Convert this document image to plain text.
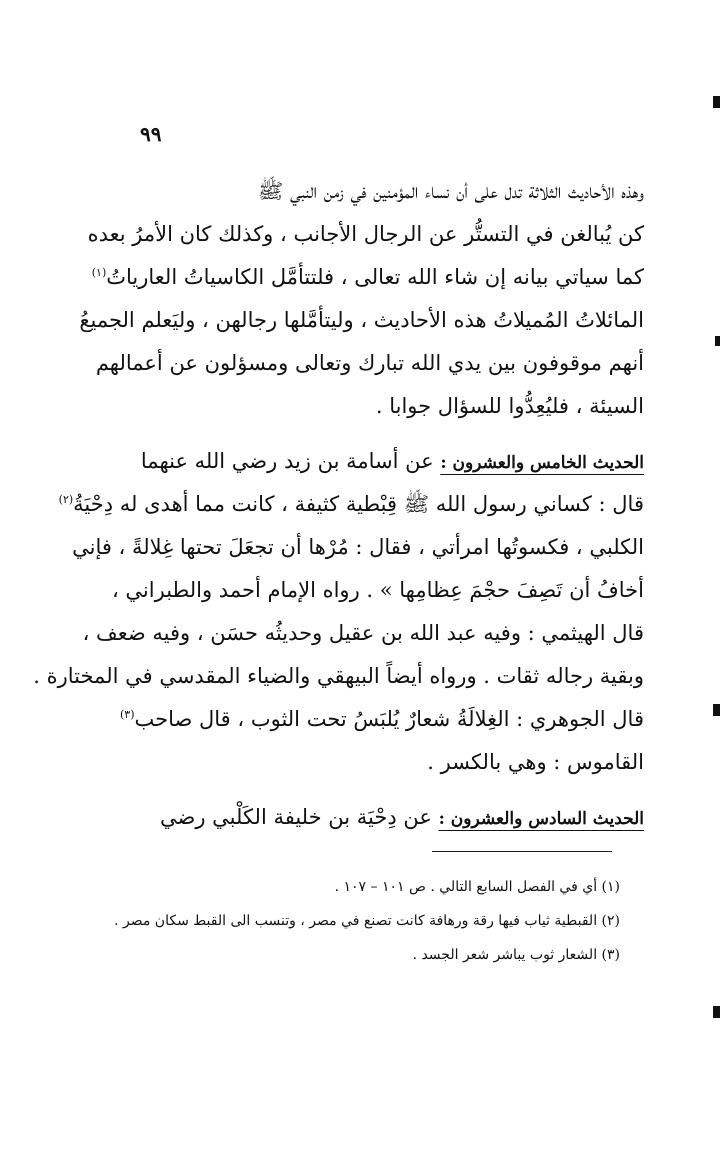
٩٩
وهذه الأحاديث الثلاثة تدل على أن نساء المؤمنين في زمن النبي ﷺ
كن يُبالغن في التستُّر عن الرجال الأجانب ، وكذلك كان الأمرُ بعده
كما سياتي بيانه إن شاء الله تعالى ، فلتتأمَّل الكاسياتُ العارياتُ$^{(١)}$
المائلاتُ المُميلاتُ هذه الأحاديث ، وليتأمَّلها رجالهن ، وليَعلم الجميعُ
أنهم موقوفون بين يدي الله تبارك وتعالى ومسؤلون عن أعمالهم
السيئة ، فليُعِدُّوا للسؤال جوابا .
الحديث الخامس والعشرون : عن أسامة بن زيد رضي الله عنهما
قال : كساني رسول الله ﷺ قِبْطية كثيفة ، كانت مما أهدى له دِحْيَةُ$^{(٢)}$
الكلبي ، فكسوتُها امرأتي ، فقال : مُرْها أن تجعَلَ تحتها غِلالةً ، فإني
أخافُ أن تَصِفَ حجْمَ عِظامِها » . رواه الإمام أحمد والطبراني ،
قال الهيثمي : وفيه عبد الله بن عقيل وحديثُه حسَن ، وفيه ضعف ،
وبقية رجاله ثقات . ورواه أيضاً البيهقي والضياء المقدسي في المختارة .
قال الجوهري : الغِلالَةُ شعارٌ يُلبَسُ تحت الثوب ، قال صاحب$^{(٣)}$
القاموس : وهي بالكسر .
الحديث السادس والعشرون : عن دِحْيَة بن خليفة الكَلْبي رضي
(١) أي في الفصل السابع التالي . ص ١٠١ – ١٠٧ .
(٢) القبطية ثياب فيها رقة ورهافة كانت تصنع في مصر ، وتنسب الى القبط سكان مصر .
(٣) الشعار ثوب يباشر شعر الجسد .
